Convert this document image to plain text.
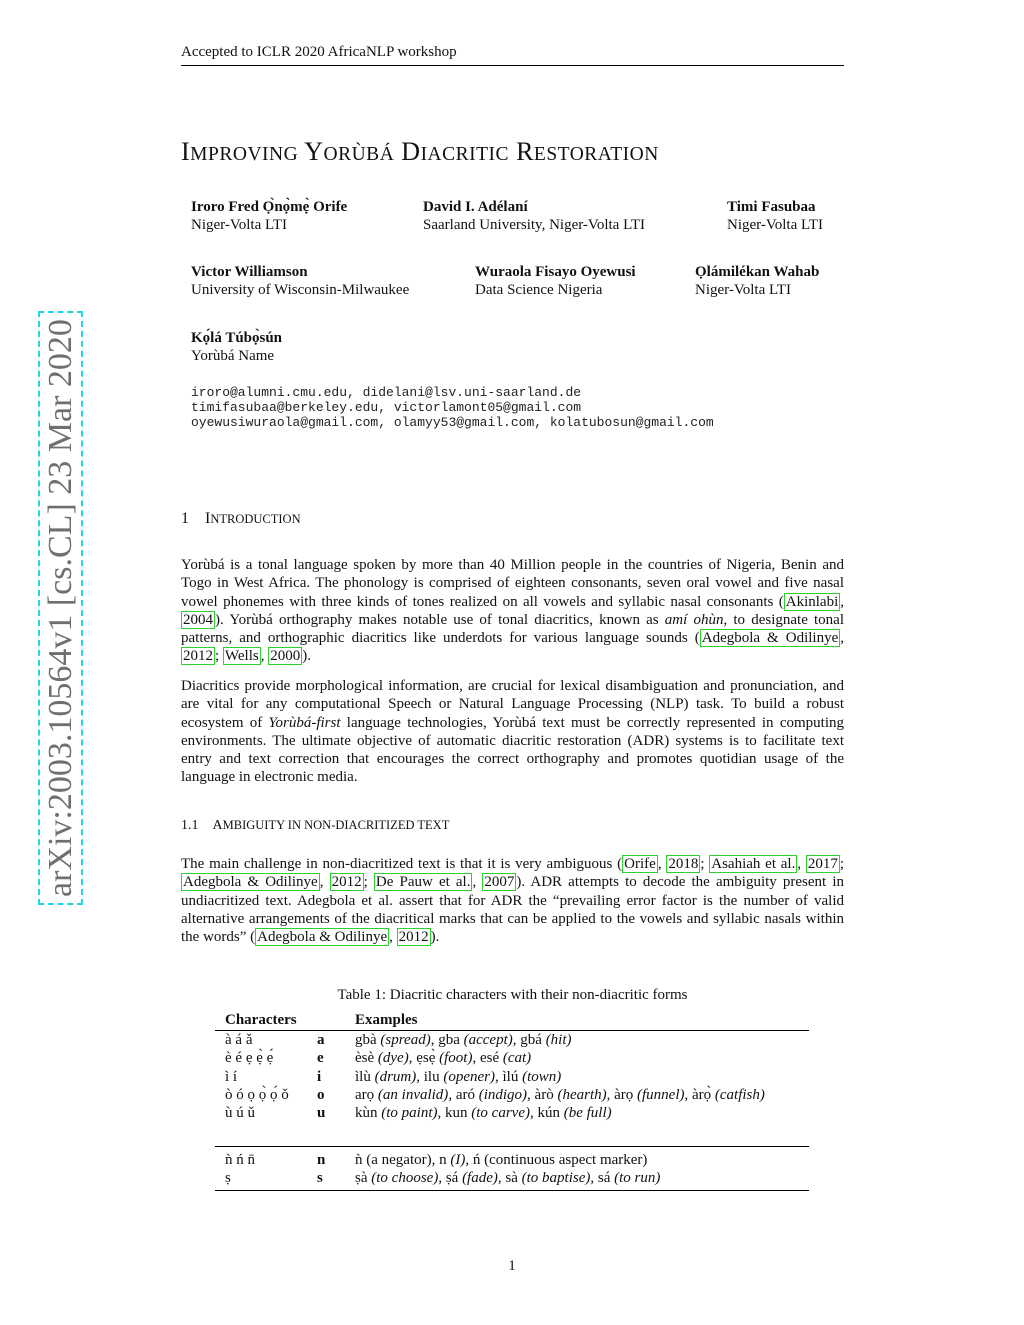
Accepted to ICLR 2020 AfricaNLP workshop
arXiv:2003.10564v1 [cs.CL] 23 Mar 2020
IMPROVING YORÙBÁ DIACRITIC RESTORATION
Iroro Fred Ọ̀nọ̀mẹ̀ Orife
Niger-Volta LTI
David I. Adélaní
Saarland University, Niger-Volta LTI
Timi Fasubaa
Niger-Volta LTI
Victor Williamson
University of Wisconsin-Milwaukee
Wuraola Fisayo Oyewusi
Data Science Nigeria
Ọlámilékan Wahab
Niger-Volta LTI
Kọ́lá Túbọ̀sún
Yorùbá Name
iroro@alumni.cmu.edu, didelani@lsv.uni-saarland.de
timifasubaa@berkeley.edu, victorlamont05@gmail.com
oyewusiwuraola@gmail.com, olamyy53@gmail.com, kolatubosun@gmail.com
1 INTRODUCTION
Yorùbá is a tonal language spoken by more than 40 Million people in the countries of Nigeria, Benin and Togo in West Africa. The phonology is comprised of eighteen consonants, seven oral vowel and five nasal vowel phonemes with three kinds of tones realized on all vowels and syllabic nasal consonants ( Akinlabi , 2004 ). Yorùbá orthography makes notable use of tonal diacritics, known as amí ohùn, to designate tonal patterns, and orthographic diacritics like underdots for various language sounds ( Adegbola & Odilinye , 2012 ; Wells , 2000 ).
Diacritics provide morphological information, are crucial for lexical disambiguation and pronunciation, and are vital for any computational Speech or Natural Language Processing (NLP) task. To build a robust ecosystem of Yorùbá-first language technologies, Yorùbá text must be correctly represented in computing environments. The ultimate objective of automatic diacritic restoration (ADR) systems is to facilitate text entry and text correction that encourages the correct orthography and promotes quotidian usage of the language in electronic media.
1.1 AMBIGUITY IN NON-DIACRITIZED TEXT
The main challenge in non-diacritized text is that it is very ambiguous ( Orife , 2018 ; Asahiah et al. , 2017 ; Adegbola & Odilinye , 2012 ; De Pauw et al. , 2007 ). ADR attempts to decode the ambiguity present in undiacritized text. Adegbola et al. assert that for ADR the “prevailing error factor is the number of valid alternative arrangements of the diacritical marks that can be applied to the vowels and syllabic nasals within the words” ( Adegbola & Odilinye , 2012 ).
Table 1: Diacritic characters with their non-diacritic forms
Characters		Examples
à á ǎ	a	gbà (spread), gba (accept), gbá (hit)
è é ẹ ẹ̀ ẹ́	e	èsè (dye), ẹsẹ̀ (foot), esé (cat)
ì í	i	ìlù (drum), ilu (opener), ìlú (town)
ò ó ọ ọ̀ ọ́ ǒ	o	arọ (an invalid), aró (indigo), àrò (hearth), àrọ (funnel), àrọ̀ (catfish)
ù ú ǔ	u	kùn (to paint), kun (to carve), kún (be full)
ǹ ń n̄	n	ǹ (a negator), n (I), ń (continuous aspect marker)
ṣ	s	ṣà (to choose), ṣá (fade), sà (to baptise), sá (to run)
1
